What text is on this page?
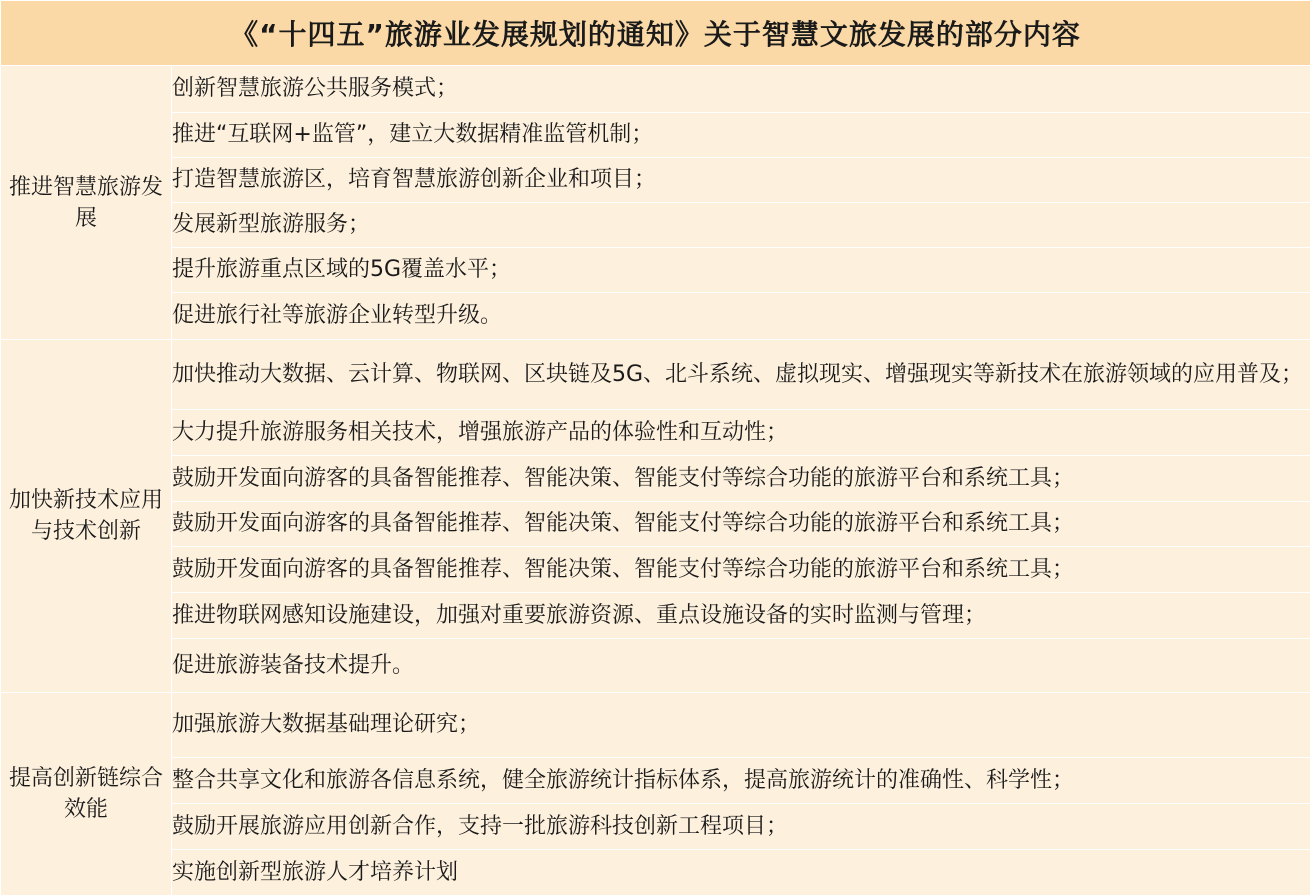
《“十四五”旅游业发展规划的通知》关于智慧文旅发展的部分内容	
推进智慧旅游发展	创新智慧旅游公共服务模式；
	推进“互联网+监管”，建立大数据精准监管机制；
	打造智慧旅游区，培育智慧旅游创新企业和项目；
	发展新型旅游服务；
	提升旅游重点区域的5G覆盖水平；
	促进旅行社等旅游企业转型升级。
加快新技术应用与技术创新	加快推动大数据、云计算、物联网、区块链及5G、北斗系统、虚拟现实、增强现实等新技术在旅游领域的应用普及；
	大力提升旅游服务相关技术，增强旅游产品的体验性和互动性；
	鼓励开发面向游客的具备智能推荐、智能决策、智能支付等综合功能的旅游平台和系统工具；
	鼓励开发面向游客的具备智能推荐、智能决策、智能支付等综合功能的旅游平台和系统工具；
	鼓励开发面向游客的具备智能推荐、智能决策、智能支付等综合功能的旅游平台和系统工具；
	推进物联网感知设施建设，加强对重要旅游资源、重点设施设备的实时监测与管理；
	促进旅游装备技术提升。
提高创新链综合效能	加强旅游大数据基础理论研究；
	整合共享文化和旅游各信息系统，健全旅游统计指标体系，提高旅游统计的准确性、科学性；
	鼓励开展旅游应用创新合作，支持一批旅游科技创新工程项目；
	实施创新型旅游人才培养计划
